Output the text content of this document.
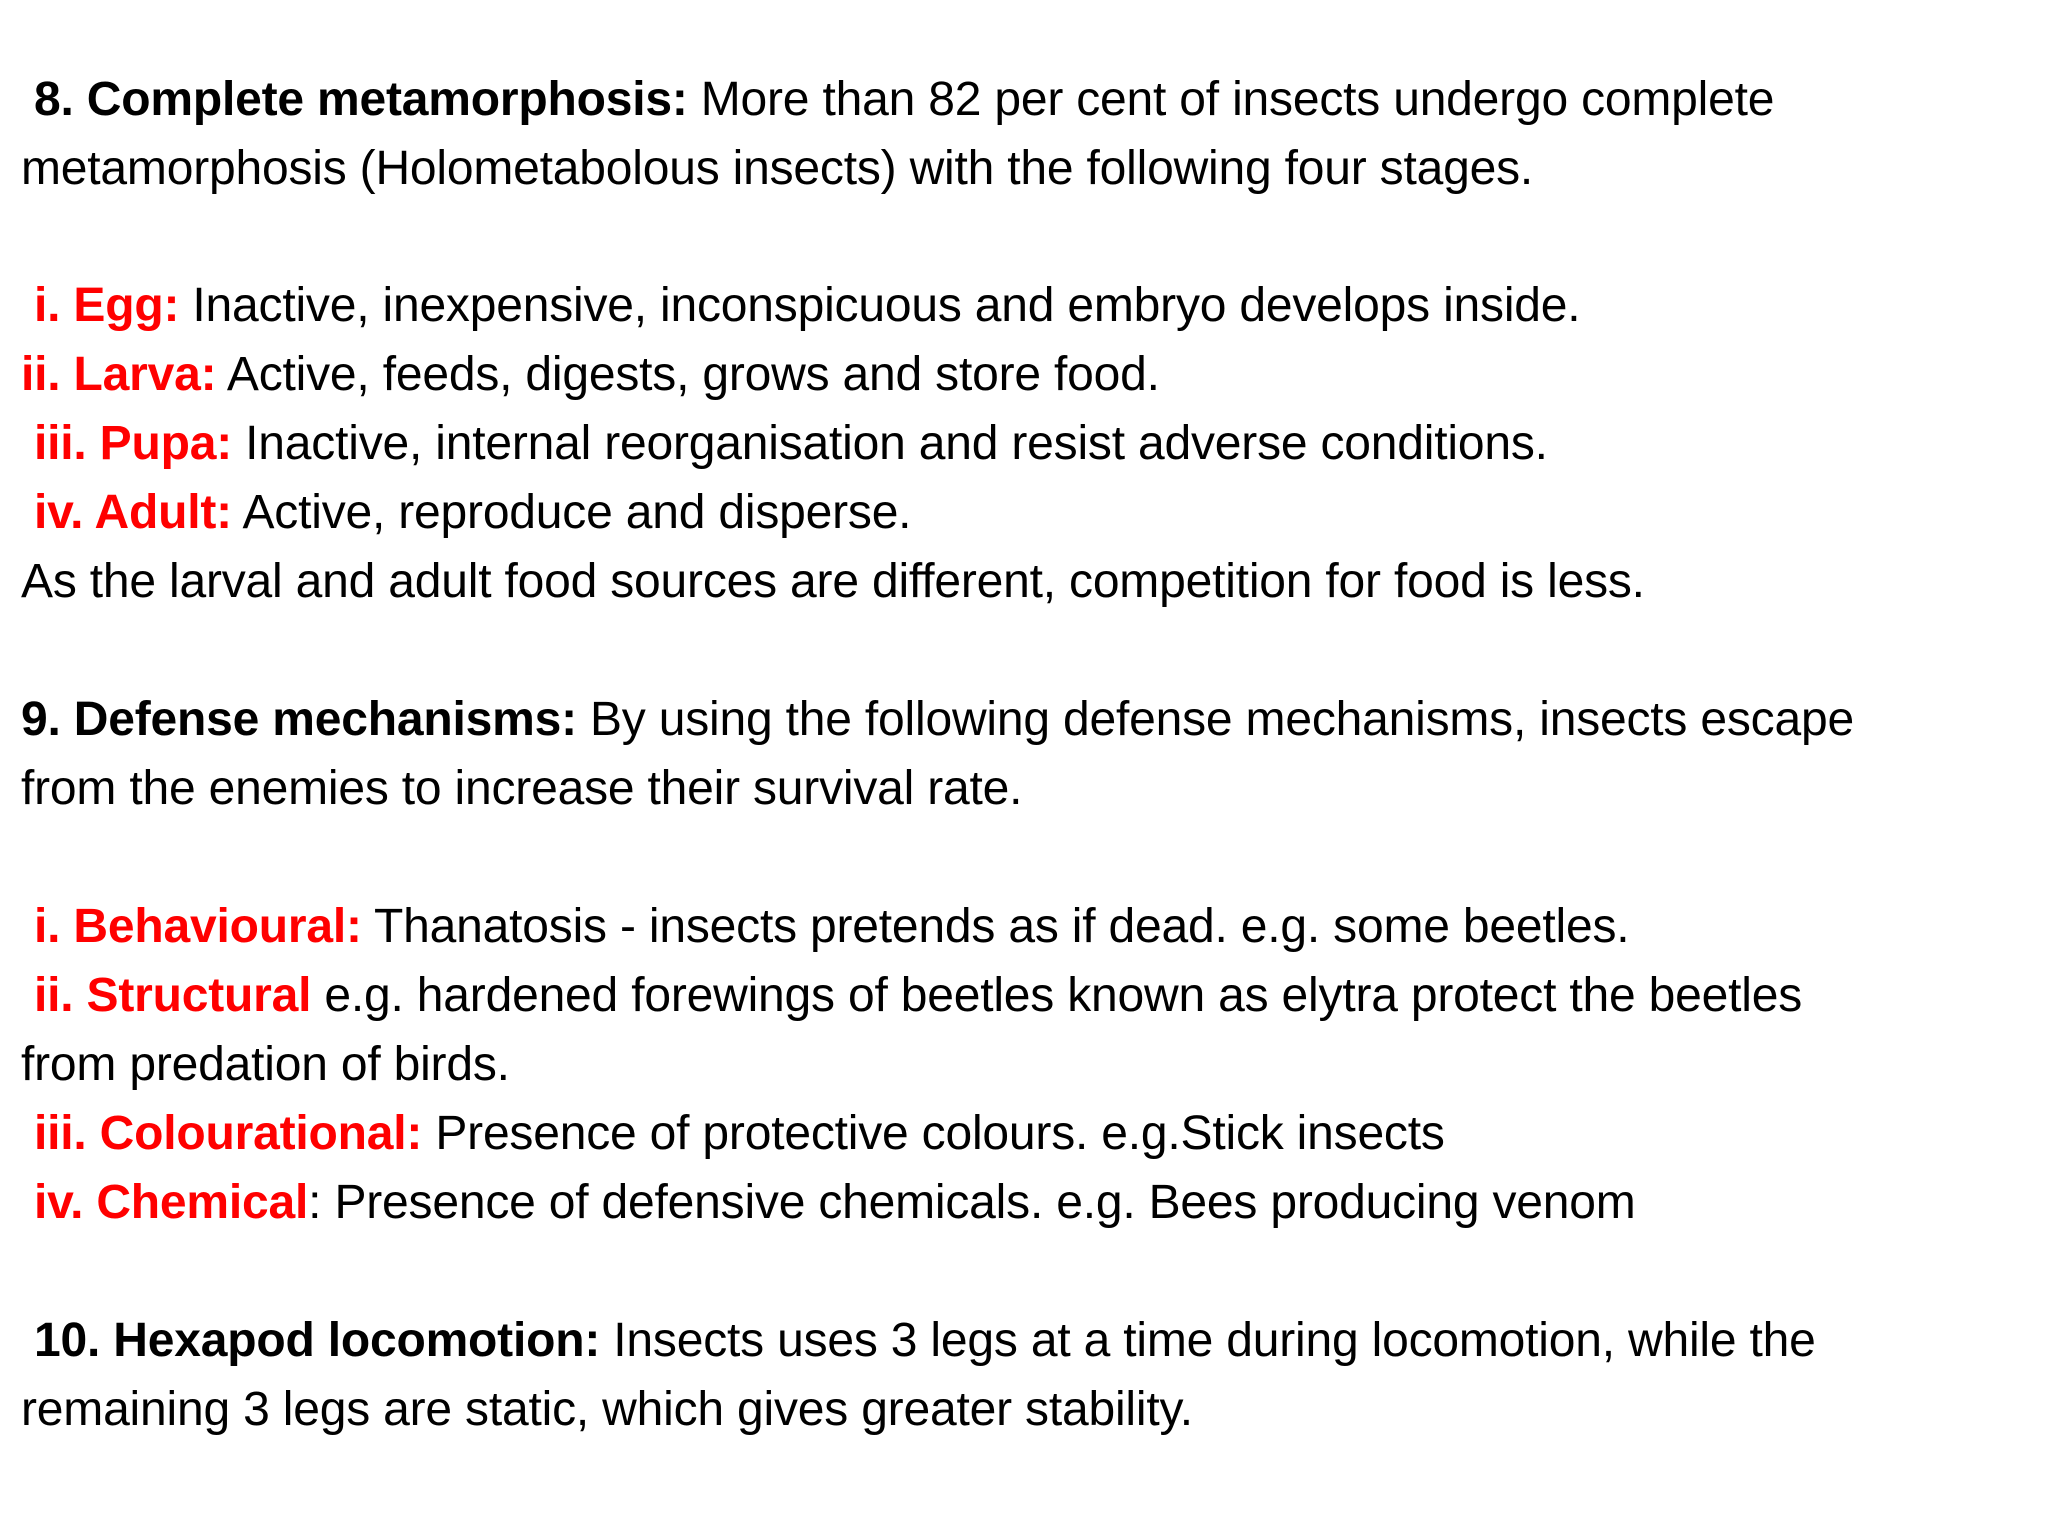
8. Complete metamorphosis: More than 82 per cent of insects undergo complete
metamorphosis (Holometabolous insects) with the following four stages.
i. Egg: Inactive, inexpensive, inconspicuous and embryo develops inside.
ii. Larva: Active, feeds, digests, grows and store food.
iii. Pupa: Inactive, internal reorganisation and resist adverse conditions.
iv. Adult: Active, reproduce and disperse.
As the larval and adult food sources are different, competition for food is less.
9. Defense mechanisms: By using the following defense mechanisms, insects escape
from the enemies to increase their survival rate.
i. Behavioural: Thanatosis - insects pretends as if dead. e.g. some beetles.
ii. Structural e.g. hardened forewings of beetles known as elytra protect the beetles
from predation of birds.
iii. Colourational: Presence of protective colours. e.g.Stick insects
iv. Chemical: Presence of defensive chemicals. e.g. Bees producing venom
10. Hexapod locomotion: Insects uses 3 legs at a time during locomotion, while the
remaining 3 legs are static, which gives greater stability.
